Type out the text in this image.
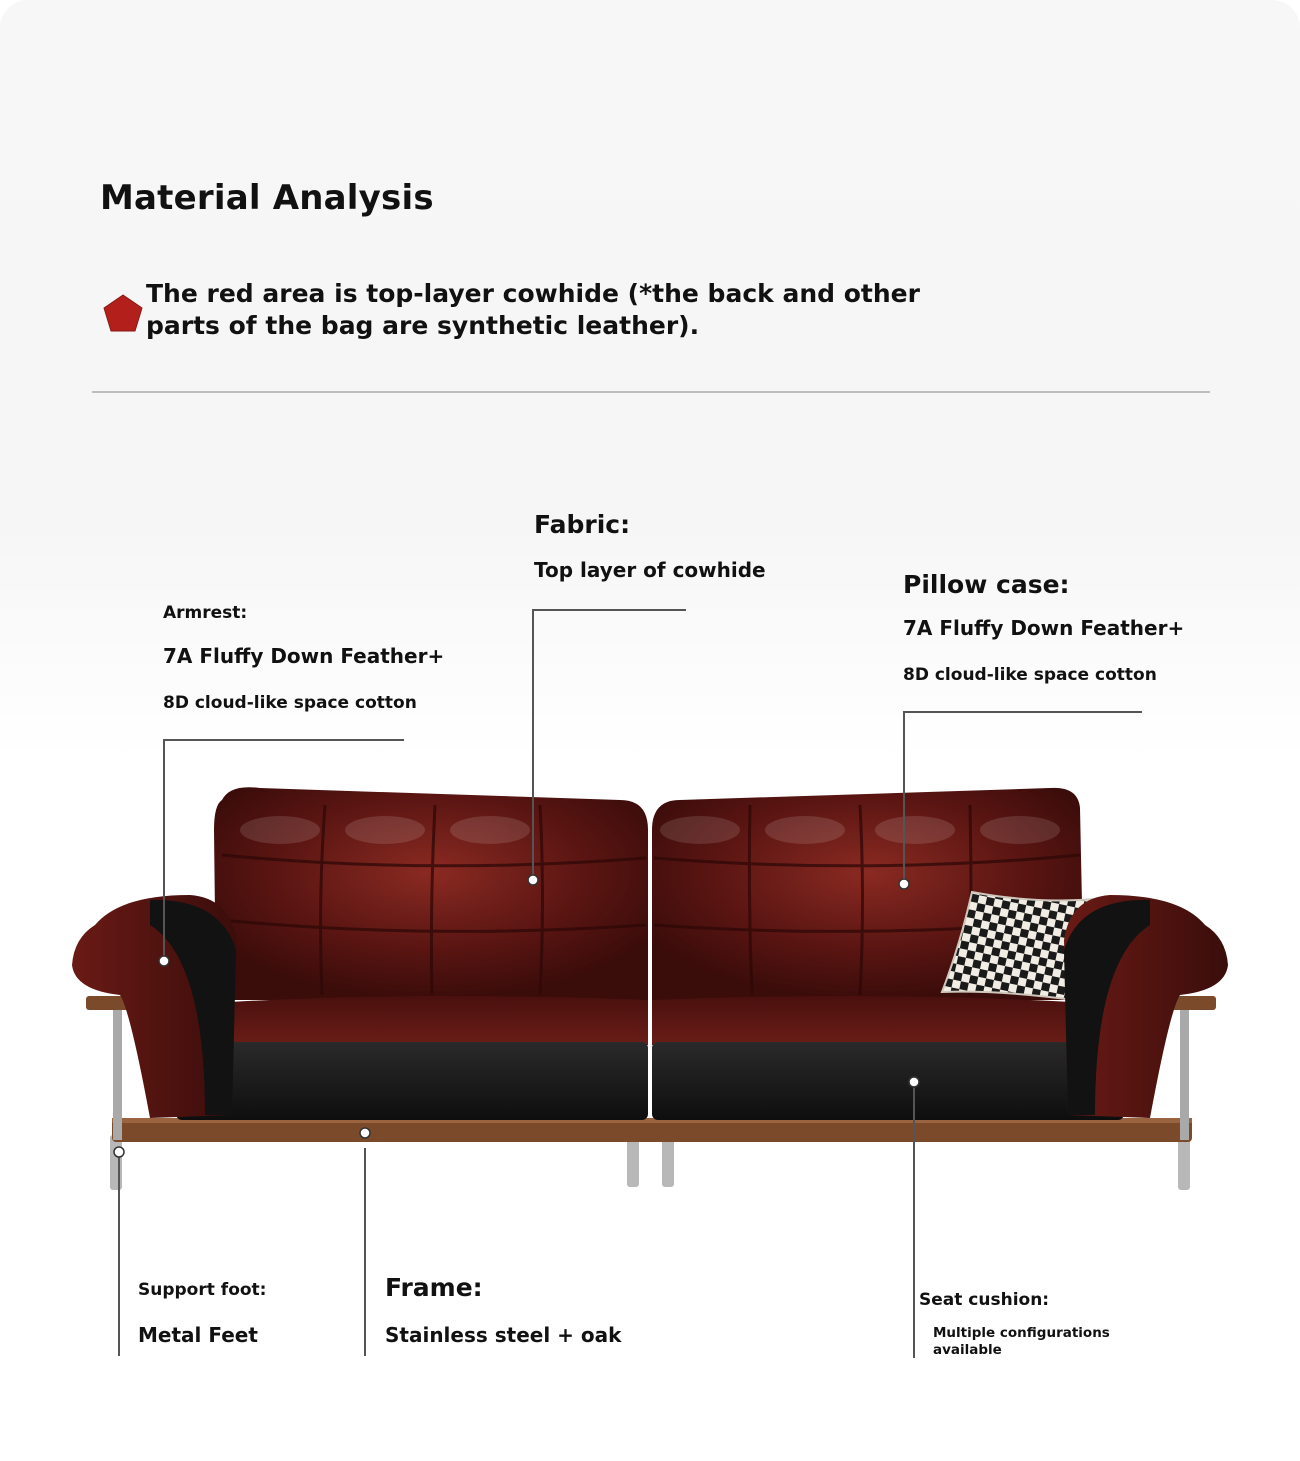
Material Analysis
The red area is top-layer cowhide (*the back and other parts of the bag are synthetic leather).
Fabric:
Top layer of cowhide
Armrest:
7A Fluffy Down Feather+
8D cloud-like space cotton
Pillow case:
7A Fluffy Down Feather+
8D cloud-like space cotton
Support foot:
Metal Feet
Frame:
Stainless steel + oak
Seat cushion:
Multiple configurations available
